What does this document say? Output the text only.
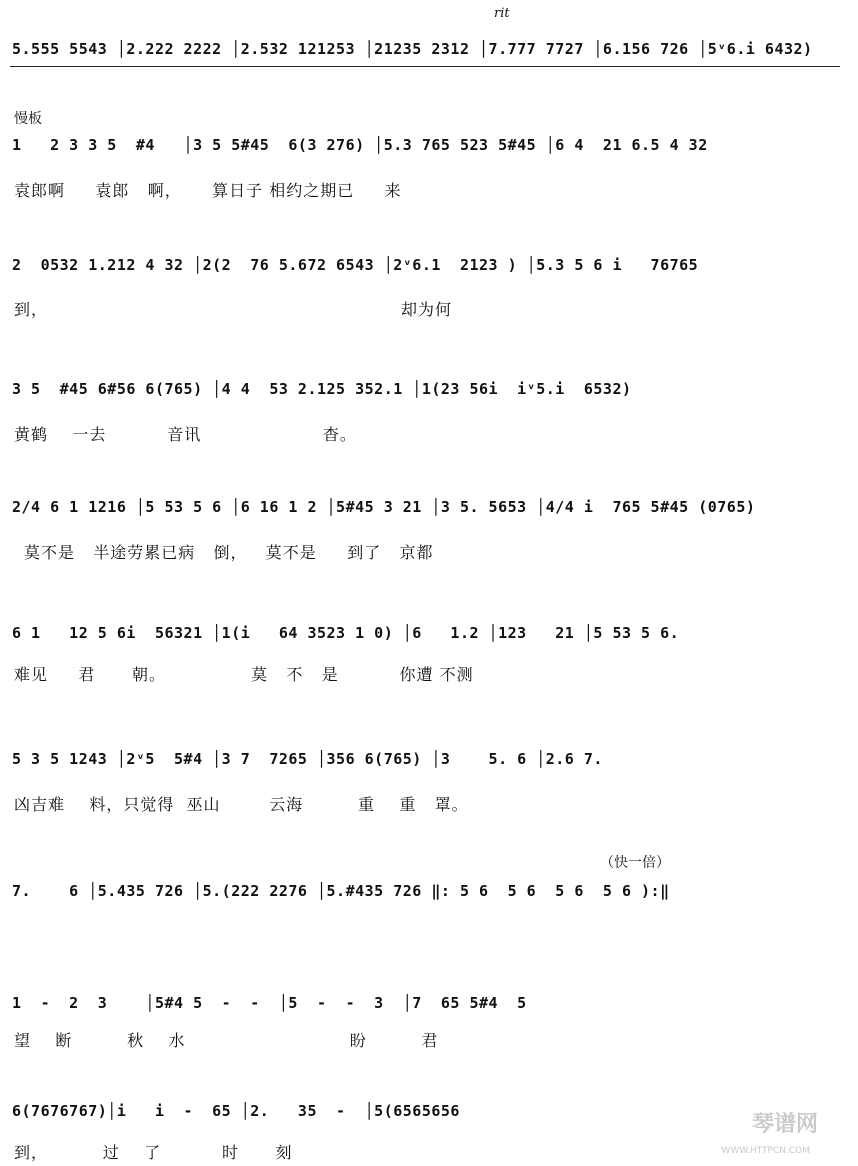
rit
慢板
（快一倍）
5.555 5543 │2.222 2222 │2.532 121253 │21235 2312 │7.777 7727 │6.156 726 │5ᵛ6.i 6432)
1   2 3 3 5  #4   │3 5 5#45  6(3 276) │5.3 765 523 5#45 │6 4  21 6.5 4 32
袁郎啊     袁郎   啊，     算日子 相约之期已     来
2  0532 1.212 4 32 │2(2  76 5.672 6543 │2ᵛ6.1  2123 ) │5.3 5 6 i   76765
到，                                                          却为何
3 5  #45 6#56 6(765) │4 4  53 2.125 352.1 │1(23 56i  iᵛ5.i  6532)
黄鹤    一去          音讯                    杳。
2/4 6 1 1216 │5 53 5 6 │6 16 1 2 │5#45 3 21 │3 5. 5653 │4/4 i  765 5#45 (0765)
莫不是   半途劳累已病   倒，   莫不是     到了   京都
6 1   12 5 6i  56321 │1(i   64 3523 1 0) │6   1.2 │123   21 │5 53 5 6.
难见     君      朝。              莫   不   是          你遭 不测
5 3 5 1243 │2ᵛ5  5#4 │3 7  7265 │356 6(765) │3    5. 6 │2.6 7.
凶吉难    料，只觉得  巫山        云海         重    重   罩。
7.    6 │5.435 726 │5.(222 2276 │5.#435 726 ‖: 5 6  5 6  5 6  5 6 ):‖
1  -  2  3    │5#4 5  -  -  │5  -  -  3  │7  65 5#4  5
望    断         秋    水                           盼         君
6(7676767)│i   i  -  65 │2.   35  -  │5(6565656
到，         过    了          时      刻
琴谱网
WWW.HTTPCN.COM
